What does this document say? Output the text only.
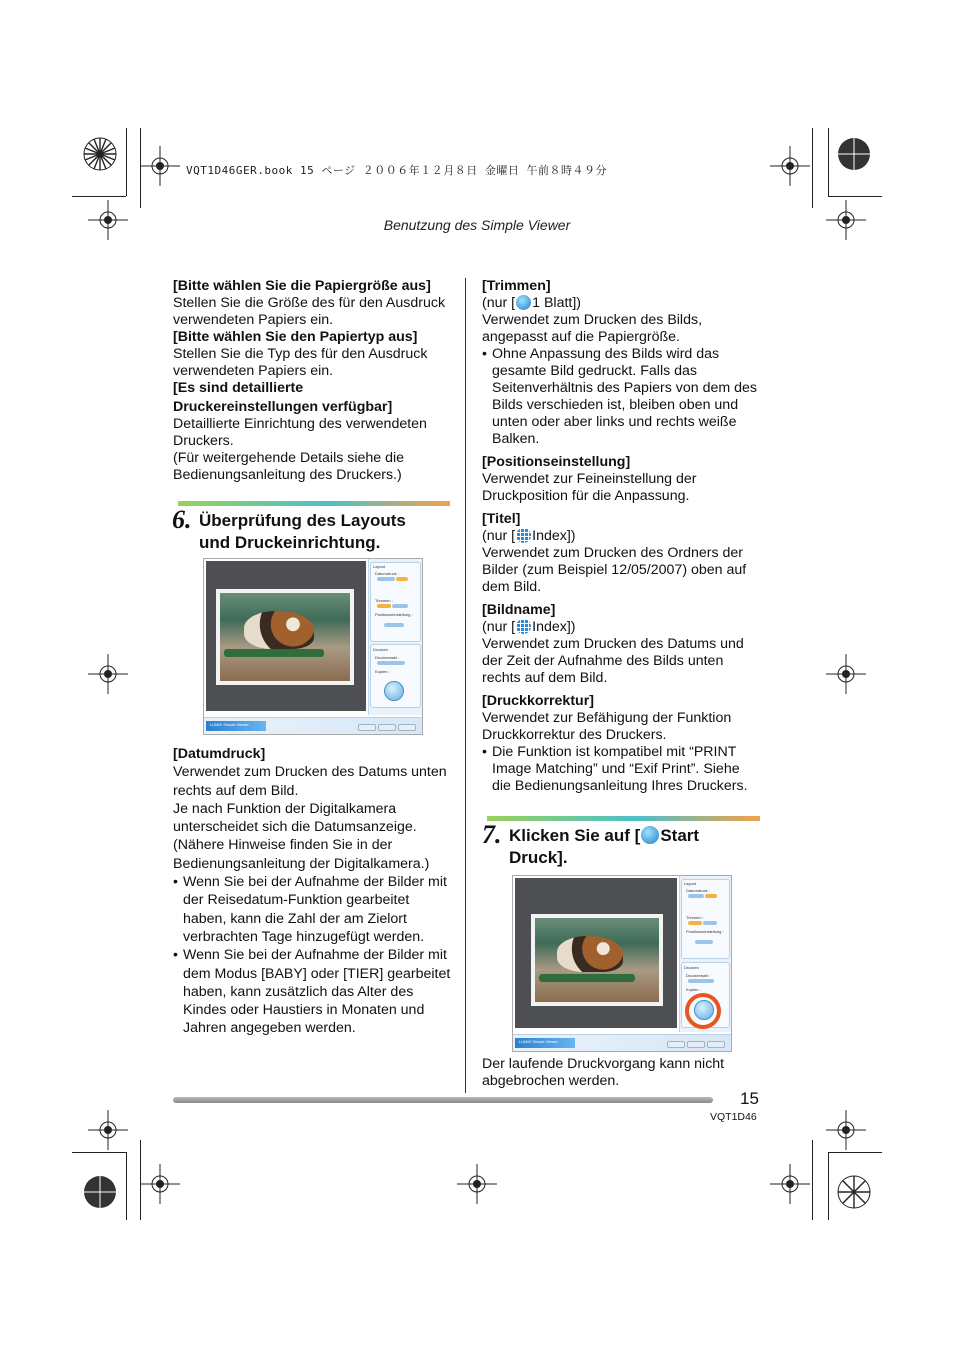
VQT1D46GER.book 15 ページ ２００６年１２月８日 金曜日 午前８時４９分
Benutzung des Simple Viewer

[Bitte wählen Sie die Papiergröße aus]

Stellen Sie die Größe des für den Ausdruck verwendeten Papiers ein.

[Bitte wählen Sie den Papiertyp aus]

Stellen Sie die Typ des für den Ausdruck verwendeten Papiers ein.

[Es sind detaillierte

Druckereinstellungen verfügbar]

Detaillierte Einrichtung des verwendeten Druckers.

(Für weitergehende Details siehe die Bedienungsanleitung des Druckers.)

6. Überprüfung des Layouts
und Druckeinrichtung.
Layout
Datumdruck :
Trimmen :
Positionseinstellung :
Drucken
Druckerwahl :
Kopien :
LUMIX Simple Viewer

[Datumdruck]

Verwendet zum Drucken des Datums unten rechts auf dem Bild.

Je nach Funktion der Digitalkamera unterscheidet sich die Datumsanzeige.

(Nähere Hinweise finden Sie in der Bedienungsanleitung der Digitalkamera.)

• Wenn Sie bei der Aufnahme der Bilder mit der Reisedatum-Funktion gearbeitet haben, kann die Zahl der am Zielort verbrachten Tage hinzugefügt werden.
• Wenn Sie bei der Aufnahme der Bilder mit dem Modus [BABY] oder [TIER] gearbeitet haben, kann zusätzlich das Alter des Kindes oder Haustiers in Monaten und Jahren angegeben werden.

[Trimmen]

(nur [ 1 Blatt])

Verwendet zum Drucken des Bilds, angepasst auf die Papiergröße.

• Ohne Anpassung des Bilds wird das gesamte Bild gedruckt. Falls das Seitenverhältnis des Papiers von dem des Bilds verschieden ist, bleiben oben und unten oder aber links und rechts weiße Balken.

[Positionseinstellung]

Verwendet zur Feineinstellung der Druckposition für die Anpassung.

[Titel]

(nur [ Index])

Verwendet zum Drucken des Ordners der Bilder (zum Beispiel 12/05/2007) oben auf dem Bild.

[Bildname]

(nur [ Index])

Verwendet zum Drucken des Datums und der Zeit der Aufnahme des Bilds unten rechts auf dem Bild.

[Druckkorrektur]

Verwendet zur Befähigung der Funktion Druckkorrektur des Druckers.

• Die Funktion ist kompatibel mit “PRINT Image Matching” und “Exif Print”. Siehe die Bedienungsanleitung Ihres Druckers.
7. Klicken Sie auf [ Start
Druck].
Layout
Datumdruck :
Trimmen :
Positionseinstellung :
Drucken
Druckerwahl :
Kopien :
LUMIX Simple Viewer
Der laufende Druckvorgang kann nicht abgebrochen werden.
15
VQT1D46
